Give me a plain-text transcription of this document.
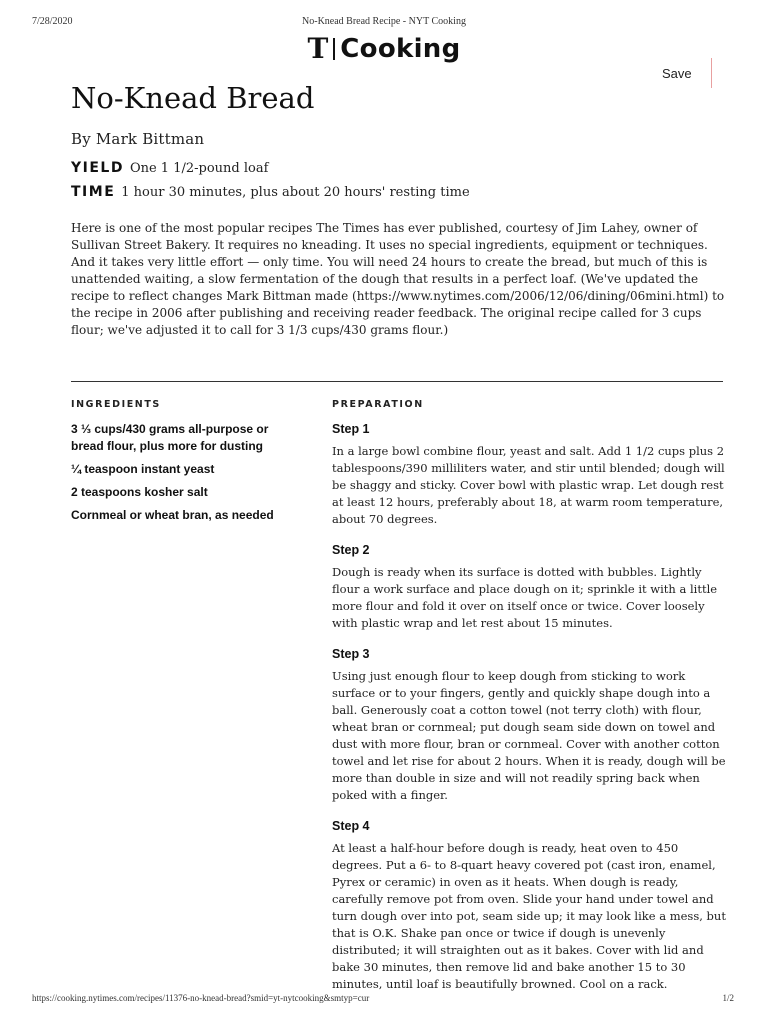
7/28/2020	No-Knead Bread Recipe - NYT Cooking
T Cooking
Save
No-Knead Bread
By Mark Bittman
YIELD One 1 1/2-pound loaf
TIME 1 hour 30 minutes, plus about 20 hours' resting time

Here is one of the most popular recipes The Times has ever published, courtesy of Jim Lahey, owner of Sullivan Street Bakery. It requires no kneading. It uses no special ingredients, equipment or techniques. And it takes very little effort — only time. You will need 24 hours to create the bread, but much of this is unattended waiting, a slow fermentation of the dough that results in a perfect loaf. (We've updated the recipe to reflect changes Mark Bittman made (https://www.nytimes.com/2006/12/06/dining/06mini.html) to the recipe in 2006 after publishing and receiving reader feedback. The original recipe called for 3 cups flour; we've adjusted it to call for 3 1/3 cups/430 grams flour.)

INGREDIENTS
3 ⅓ cups/430 grams all-purpose or bread flour, plus more for dusting
¼ teaspoon instant yeast
2 teaspoons kosher salt
Cornmeal or wheat bran, as needed
PREPARATION
Step 1

In a large bowl combine flour, yeast and salt. Add 1 1/2 cups plus 2 tablespoons/390 milliliters water, and stir until blended; dough will be shaggy and sticky. Cover bowl with plastic wrap. Let dough rest at least 12 hours, preferably about 18, at warm room temperature, about 70 degrees.

Step 2

Dough is ready when its surface is dotted with bubbles. Lightly flour a work surface and place dough on it; sprinkle it with a little more flour and fold it over on itself once or twice. Cover loosely with plastic wrap and let rest about 15 minutes.

Step 3

Using just enough flour to keep dough from sticking to work surface or to your fingers, gently and quickly shape dough into a ball. Generously coat a cotton towel (not terry cloth) with flour, wheat bran or cornmeal; put dough seam side down on towel and dust with more flour, bran or cornmeal. Cover with another cotton towel and let rise for about 2 hours. When it is ready, dough will be more than double in size and will not readily spring back when poked with a finger.

Step 4

At least a half-hour before dough is ready, heat oven to 450 degrees. Put a 6- to 8-quart heavy covered pot (cast iron, enamel, Pyrex or ceramic) in oven as it heats. When dough is ready, carefully remove pot from oven. Slide your hand under towel and turn dough over into pot, seam side up; it may look like a mess, but that is O.K. Shake pan once or twice if dough is unevenly distributed; it will straighten out as it bakes. Cover with lid and bake 30 minutes, then remove lid and bake another 15 to 30 minutes, until loaf is beautifully browned. Cool on a rack.

https://cooking.nytimes.com/recipes/11376-no-knead-bread?smid=yt-nytcooking&smtyp=cur	1/2
